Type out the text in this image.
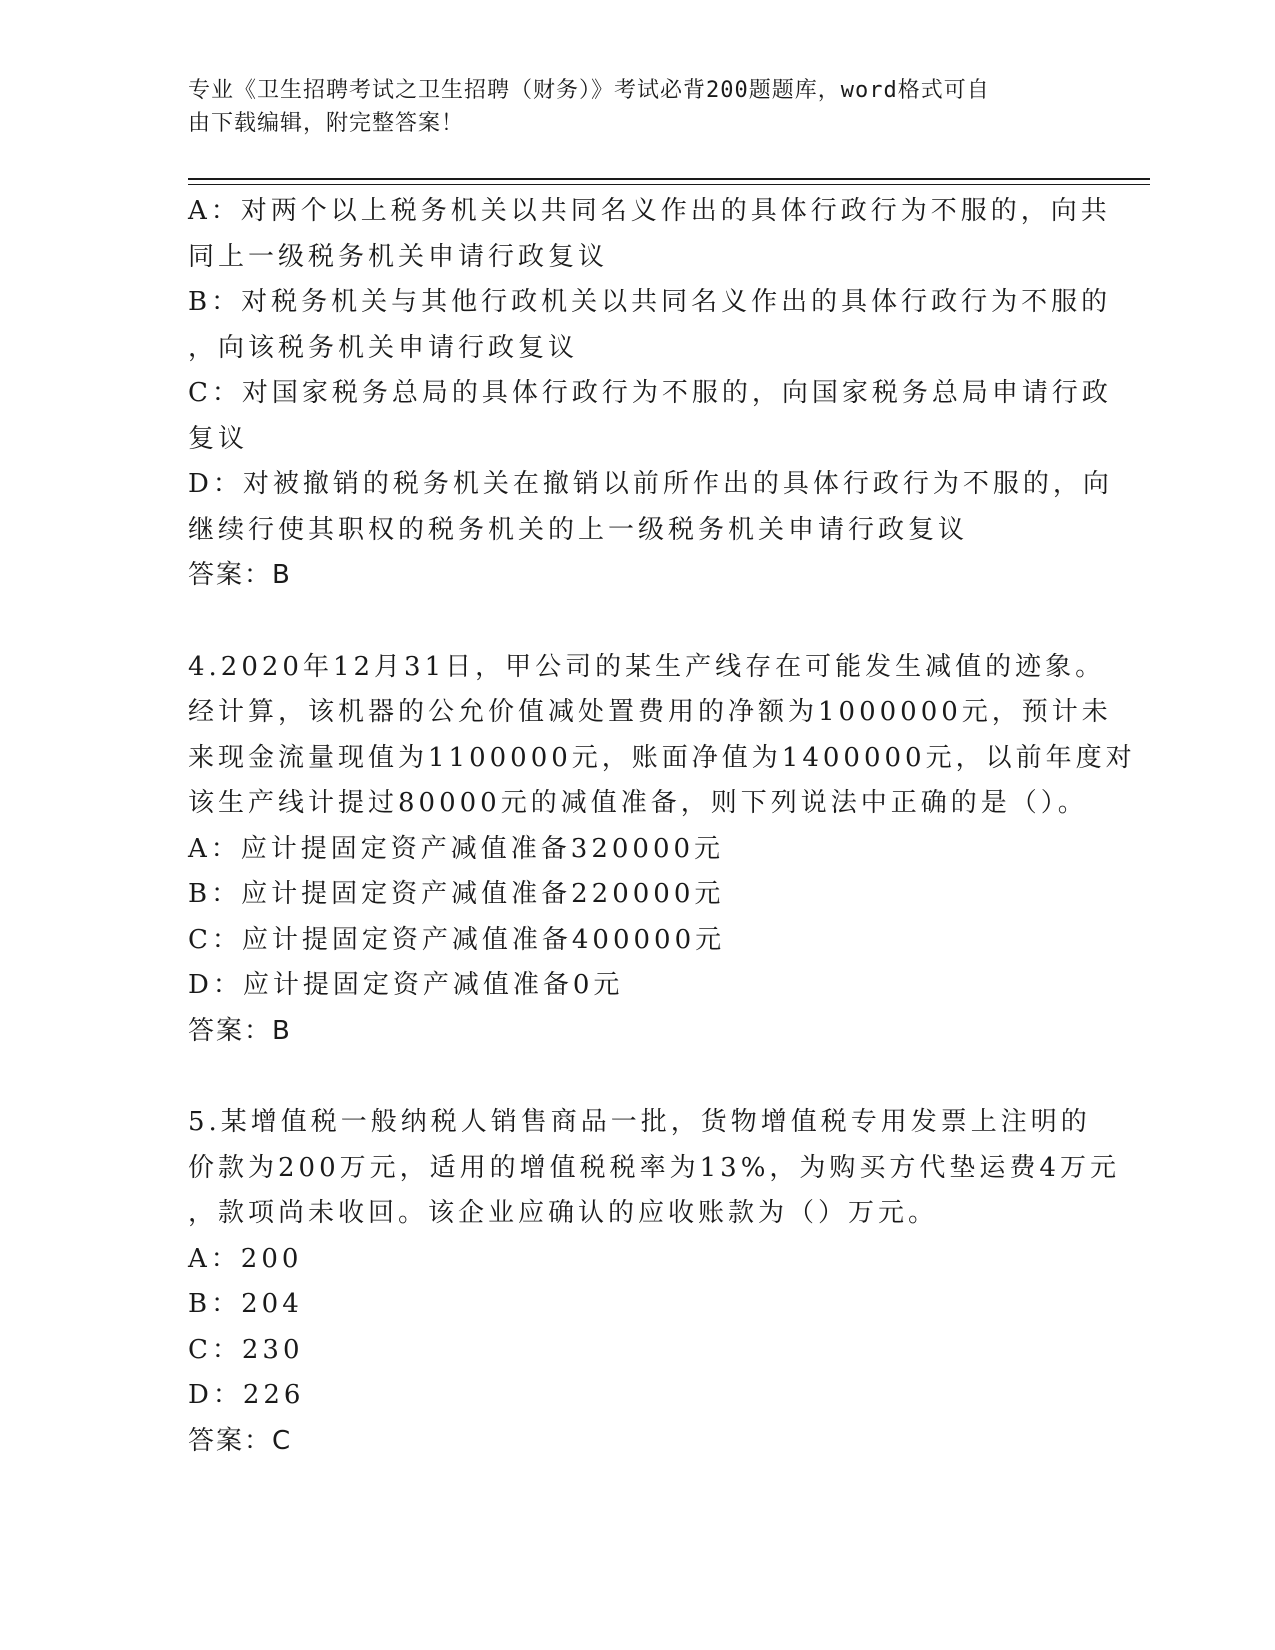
专业《卫生招聘考试之卫生招聘（财务）》考试必背200题题库，word格式可自
由下载编辑，附完整答案！
A：对两个以上税务机关以共同名义作出的具体行政行为不服的，向共
同上一级税务机关申请行政复议
B：对税务机关与其他行政机关以共同名义作出的具体行政行为不服的
，向该税务机关申请行政复议
C：对国家税务总局的具体行政行为不服的，向国家税务总局申请行政
复议
D：对被撤销的税务机关在撤销以前所作出的具体行政行为不服的，向
继续行使其职权的税务机关的上一级税务机关申请行政复议
答案：B
4.2020年12月31日，甲公司的某生产线存在可能发生减值的迹象。
经计算，该机器的公允价值减处置费用的净额为1000000元，预计未
来现金流量现值为1100000元，账面净值为1400000元，以前年度对
该生产线计提过80000元的减值准备，则下列说法中正确的是（）。
A：应计提固定资产减值准备320000元
B：应计提固定资产减值准备220000元
C：应计提固定资产减值准备400000元
D：应计提固定资产减值准备0元
答案：B
5.某增值税一般纳税人销售商品一批，货物增值税专用发票上注明的
价款为200万元，适用的增值税税率为13%，为购买方代垫运费4万元
，款项尚未收回。该企业应确认的应收账款为（）万元。
A：200
B：204
C：230
D：226
答案：C
